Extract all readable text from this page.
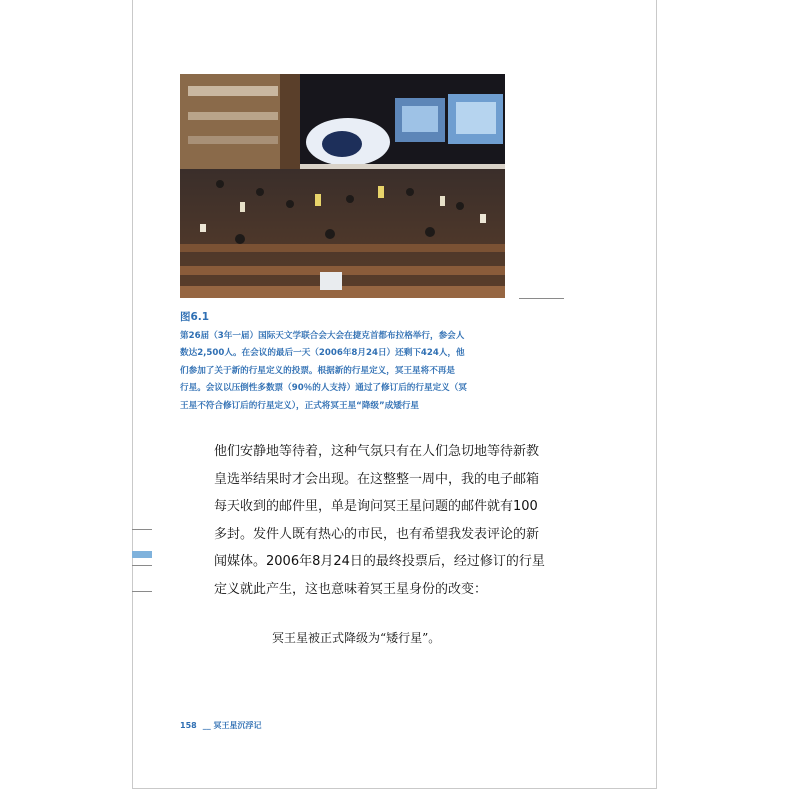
图6.1
第26届（3年一届）国际天文学联合会大会在捷克首都布拉格举行，参会人
数达2,500人。在会议的最后一天（2006年8月24日）还剩下424人，他
们参加了关于新的行星定义的投票。根据新的行星定义，冥王星将不再是
行星。会议以压倒性多数票（90％的人支持）通过了修订后的行星定义（冥
王星不符合修订后的行星定义），正式将冥王星“降级”成矮行星
他们安静地等待着，这种气氛只有在人们急切地等待新教
皇选举结果时才会出现。在这整整一周中，我的电子邮箱
每天收到的邮件里，单是询问冥王星问题的邮件就有100
多封。发件人既有热心的市民，也有希望我发表评论的新
闻媒体。2006年8月24日的最终投票后，经过修订的行星
定义就此产生，这也意味着冥王星身份的改变：
冥王星被正式降级为“矮行星”。
158 __ 冥王星沉浮记
